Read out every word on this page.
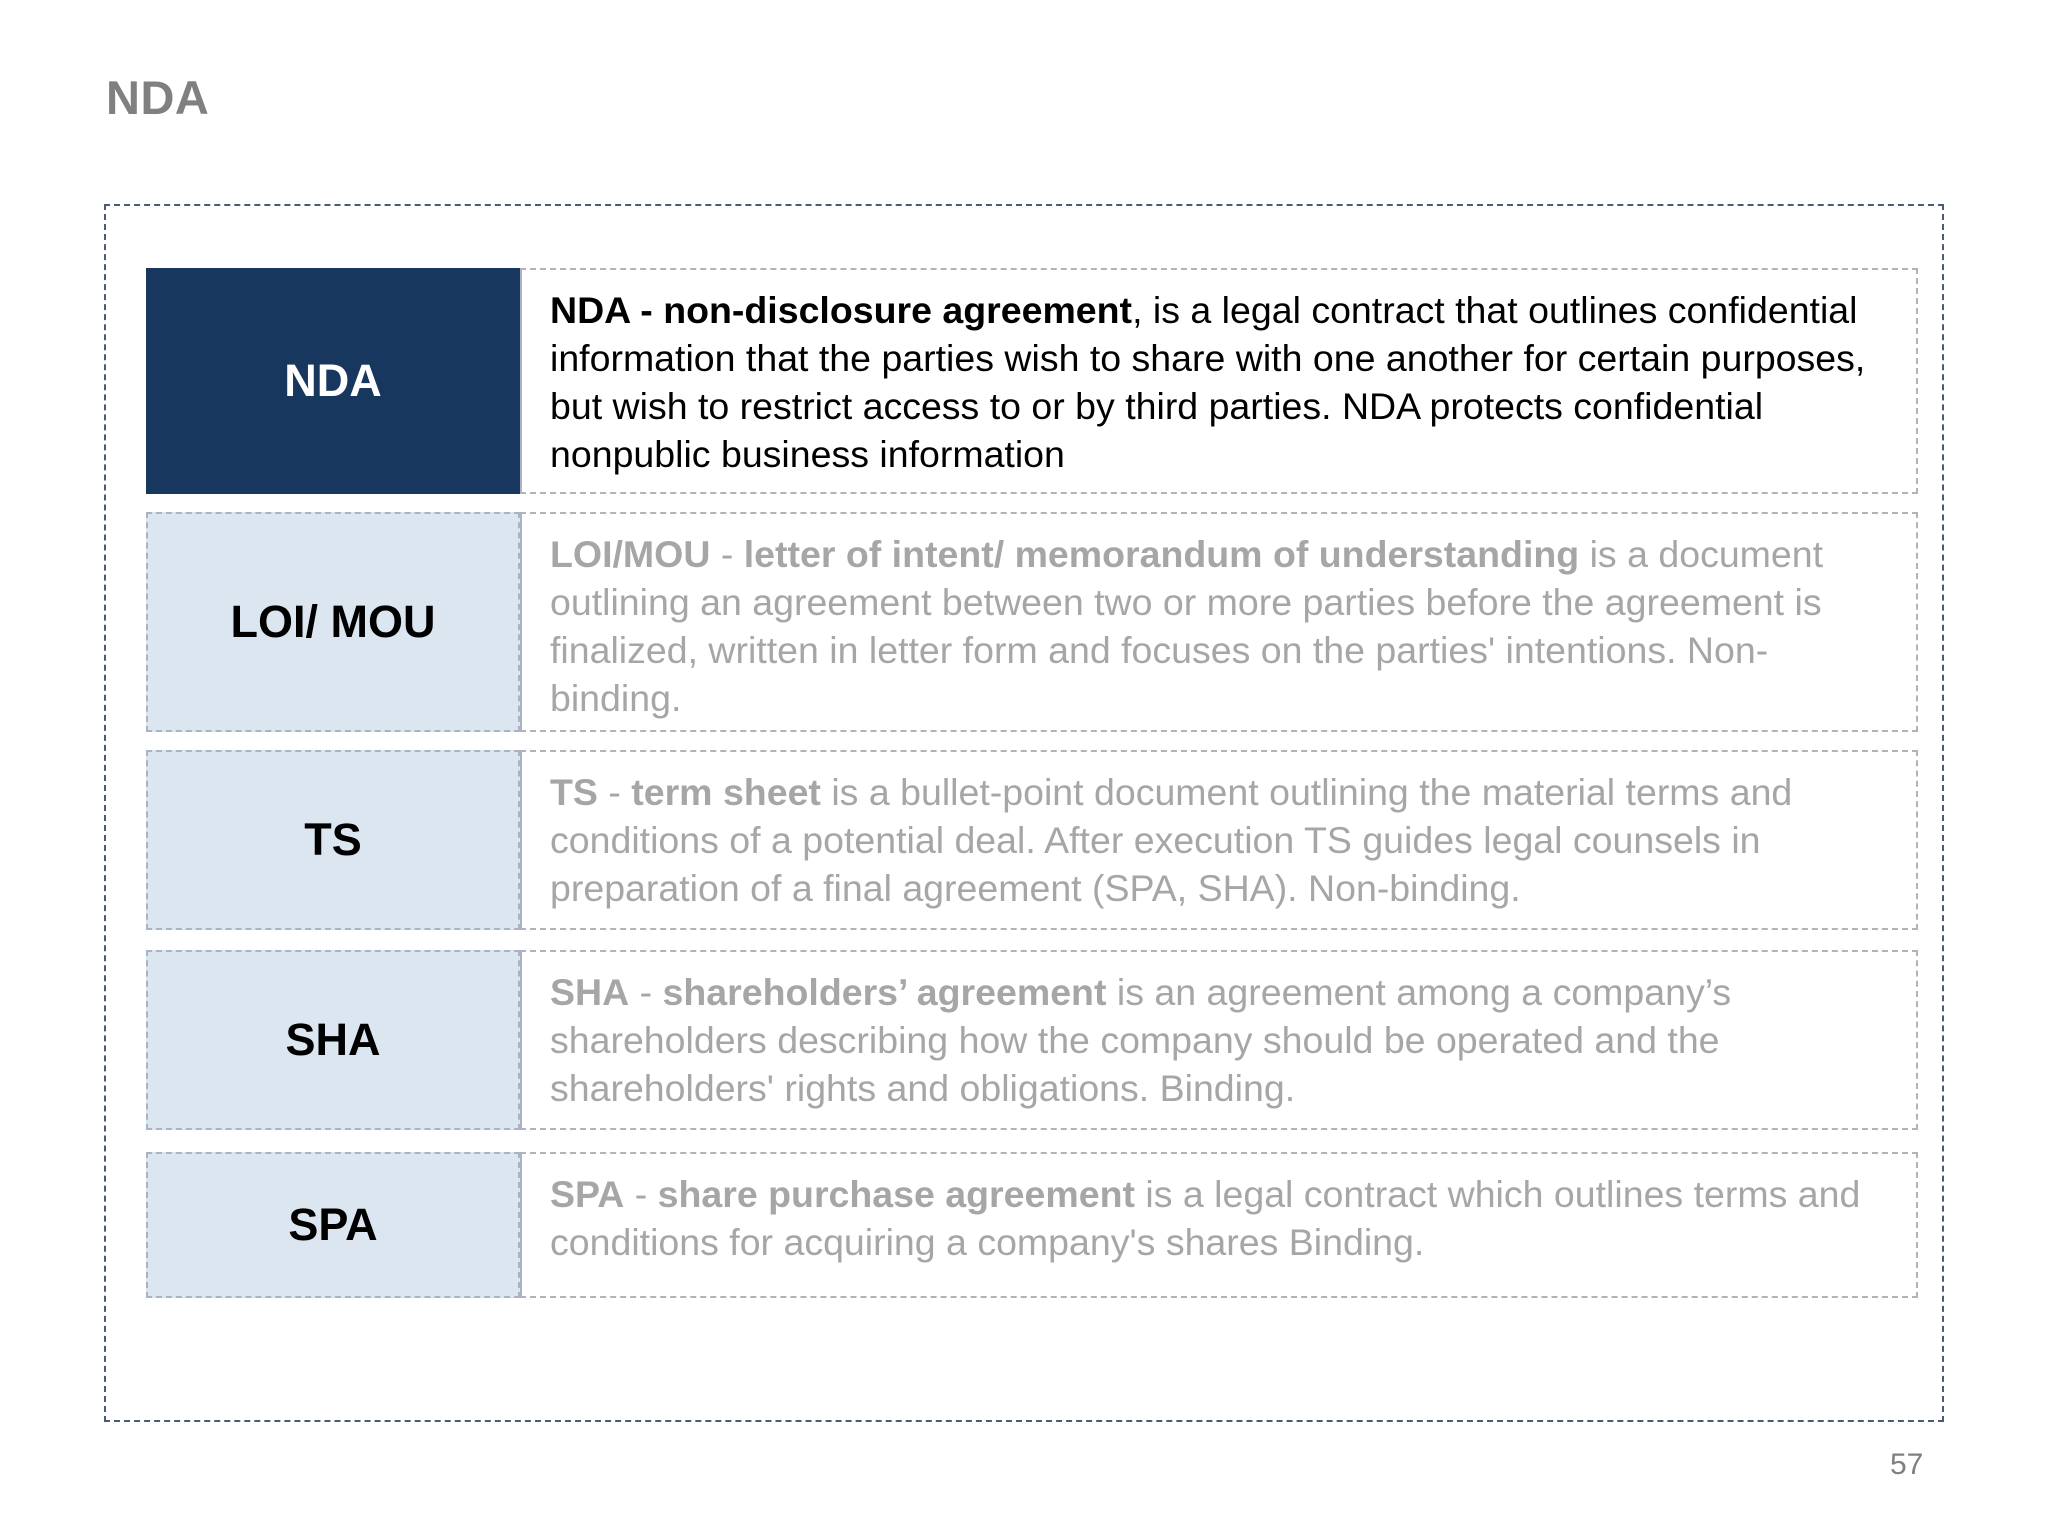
NDA
NDA
NDA - non-disclosure agreement, is a legal contract that outlines confidential information that the parties wish to share with one another for certain purposes, but wish to restrict access to or by third parties. NDA protects confidential nonpublic business information
LOI/ MOU
LOI/MOU - letter of intent/ memorandum of understanding is a document outlining an agreement between two or more parties before the agreement is finalized, written in letter form and focuses on the parties' intentions. Non-binding.
TS
TS - term sheet is a bullet-point document outlining the material terms and conditions of a potential deal. After execution TS guides legal counsels in preparation of a final agreement (SPA, SHA). Non-binding.
SHA
SHA - shareholders’ agreement is an agreement among a company’s shareholders describing how the company should be operated and the shareholders' rights and obligations. Binding.
SPA
SPA - share purchase agreement is a legal contract which outlines terms and conditions for acquiring a company's shares Binding.
57
